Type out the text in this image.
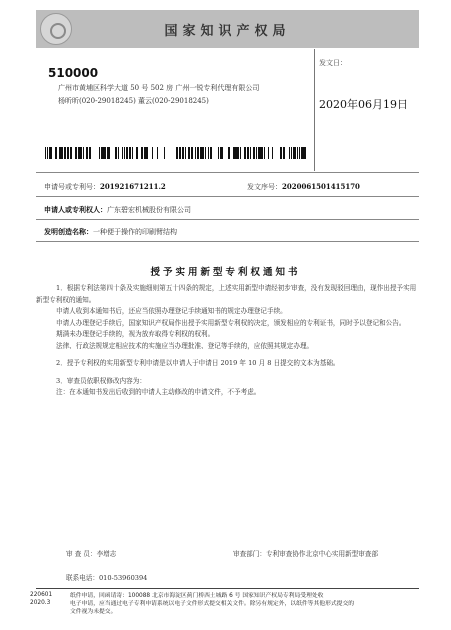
国家知识产权局
510000
广州市黄埔区科学大道 50 号 502 房 广州一锐专利代理有限公司
杨昕昕(020-29018245) 董云(020-29018245)
发文日：
2020年06月19日
申请号或专利号：201921671211.2	发文序号：2020061501415170
申请人或专利权人：广东碧宏机械股份有限公司
发明创造名称：一种便于操作的印刷臂结构
授予实用新型专利权通知书

1．根据专利法第四十条及实施细则第五十四条的规定，上述实用新型申请经初步审查，没有发现驳回理由，现作出授予实用新型专利权的通知。

申请人收到本通知书后，还应当依照办理登记手续通知书的规定办理登记手续。

申请人办理登记手续后，国家知识产权局作出授予实用新型专利权的决定，颁发相应的专利证书，同时予以登记和公告。

期满未办理登记手续的，视为放弃取得专利权的权利。

法律、行政法规规定相应技术的实施应当办理批准、登记等手续的，应依照其规定办理。

2．授予专利权的实用新型专利申请是以申请人于申请日 2019 年 10 月 8 日提交的文本为基础。

3．审查员依职权修改内容为：

注：在本通知书发出后收到的申请人主动修改的申请文件，不予考虑。

审 查 员：李增志	审查部门：专利审查协作北京中心实用新型审查部
联系电话：010-53960394
220601
2020.3
纸件申请，回函请寄：100088 北京市海淀区蓟门桥西土城路 6 号 国家知识产权局专利局受理处收
电子申请，应当通过电子专利申请系统以电子文件形式提交相关文件。除另有规定外，以纸件等其他形式提交的
文件视为未提交。
